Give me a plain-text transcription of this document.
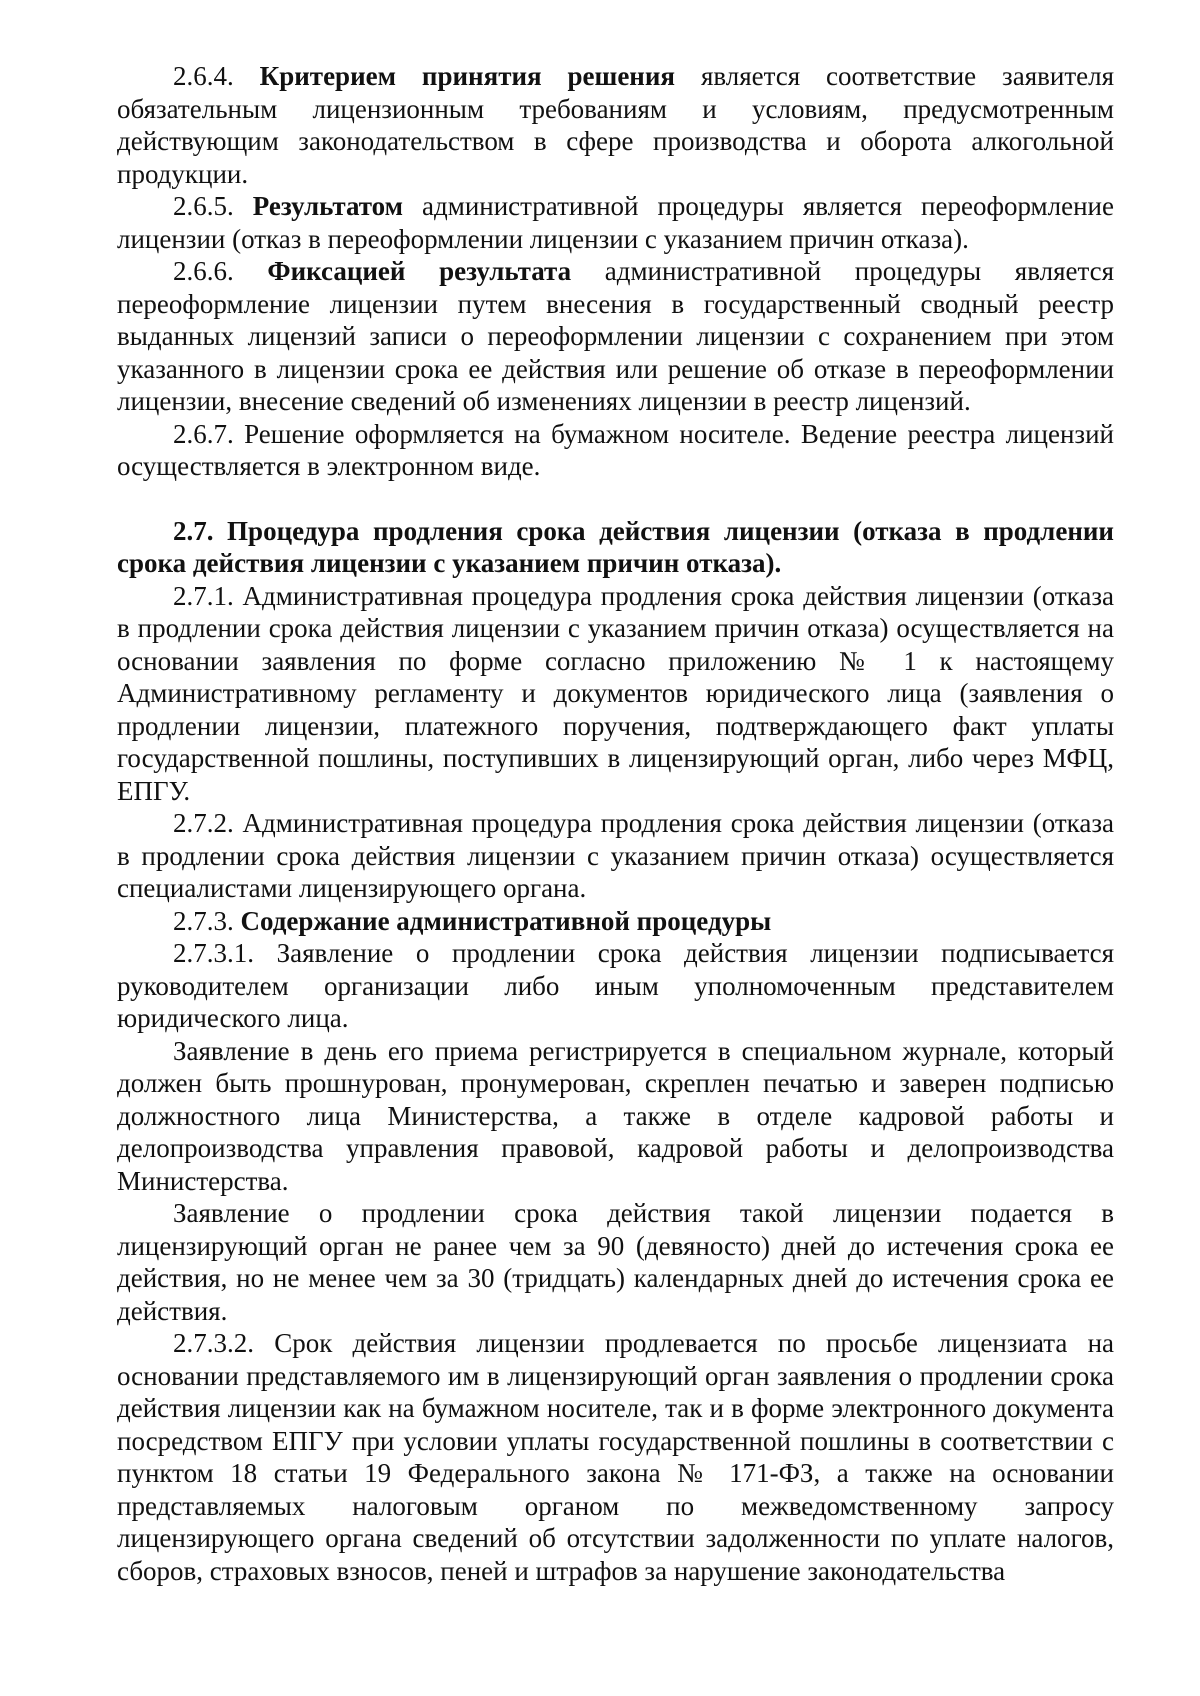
2.6.4. Критерием принятия решения является соответствие заявителя обязательным лицензионным требованиям и условиям, предусмотренным действующим законодательством в сфере производства и оборота алкогольной продукции.

2.6.5. Результатом административной процедуры является переоформление лицензии (отказ в переоформлении лицензии с указанием причин отказа).

2.6.6. Фиксацией результата административной процедуры является переоформление лицензии путем внесения в государственный сводный реестр выданных лицензий записи о переоформлении лицензии с сохранением при этом указанного в лицензии срока ее действия или решение об отказе в переоформлении лицензии, внесение сведений об изменениях лицензии в реестр лицензий.

2.6.7. Решение оформляется на бумажном носителе. Ведение реестра лицензий осуществляется в электронном виде.

2.7. Процедура продления срока действия лицензии (отказа в продлении срока действия лицензии с указанием причин отказа).

2.7.1. Административная процедура продления срока действия лицензии (отказа в продлении срока действия лицензии с указанием причин отказа) осуществляется на основании заявления по форме согласно приложению № 1 к настоящему Административному регламенту и документов юридического лица (заявления о продлении лицензии, платежного поручения, подтверждающего факт уплаты государственной пошлины, поступивших в лицензирующий орган, либо через МФЦ, ЕПГУ.

2.7.2. Административная процедура продления срока действия лицензии (отказа в продлении срока действия лицензии с указанием причин отказа) осуществляется специалистами лицензирующего органа.

2.7.3. Содержание административной процедуры

2.7.3.1. Заявление о продлении срока действия лицензии подписывается руководителем организации либо иным уполномоченным представителем юридического лица.

Заявление в день его приема регистрируется в специальном журнале, который должен быть прошнурован, пронумерован, скреплен печатью и заверен подписью должностного лица Министерства, а также в отделе кадровой работы и делопроизводства управления правовой, кадровой работы и делопроизводства Министерства.

Заявление о продлении срока действия такой лицензии подается в лицензирующий орган не ранее чем за 90 (девяносто) дней до истечения срока ее действия, но не менее чем за 30 (тридцать) календарных дней до истечения срока ее действия.

2.7.3.2. Срок действия лицензии продлевается по просьбе лицензиата на основании представляемого им в лицензирующий орган заявления о продлении срока действия лицензии как на бумажном носителе, так и в форме электронного документа посредством ЕПГУ при условии уплаты государственной пошлины в соответствии с пунктом 18 статьи 19 Федерального закона № 171-ФЗ, а также на основании представляемых налоговым органом по межведомственному запросу лицензирующего органа сведений об отсутствии задолженности по уплате налогов, сборов, страховых взносов, пеней и штрафов за нарушение законодательства
